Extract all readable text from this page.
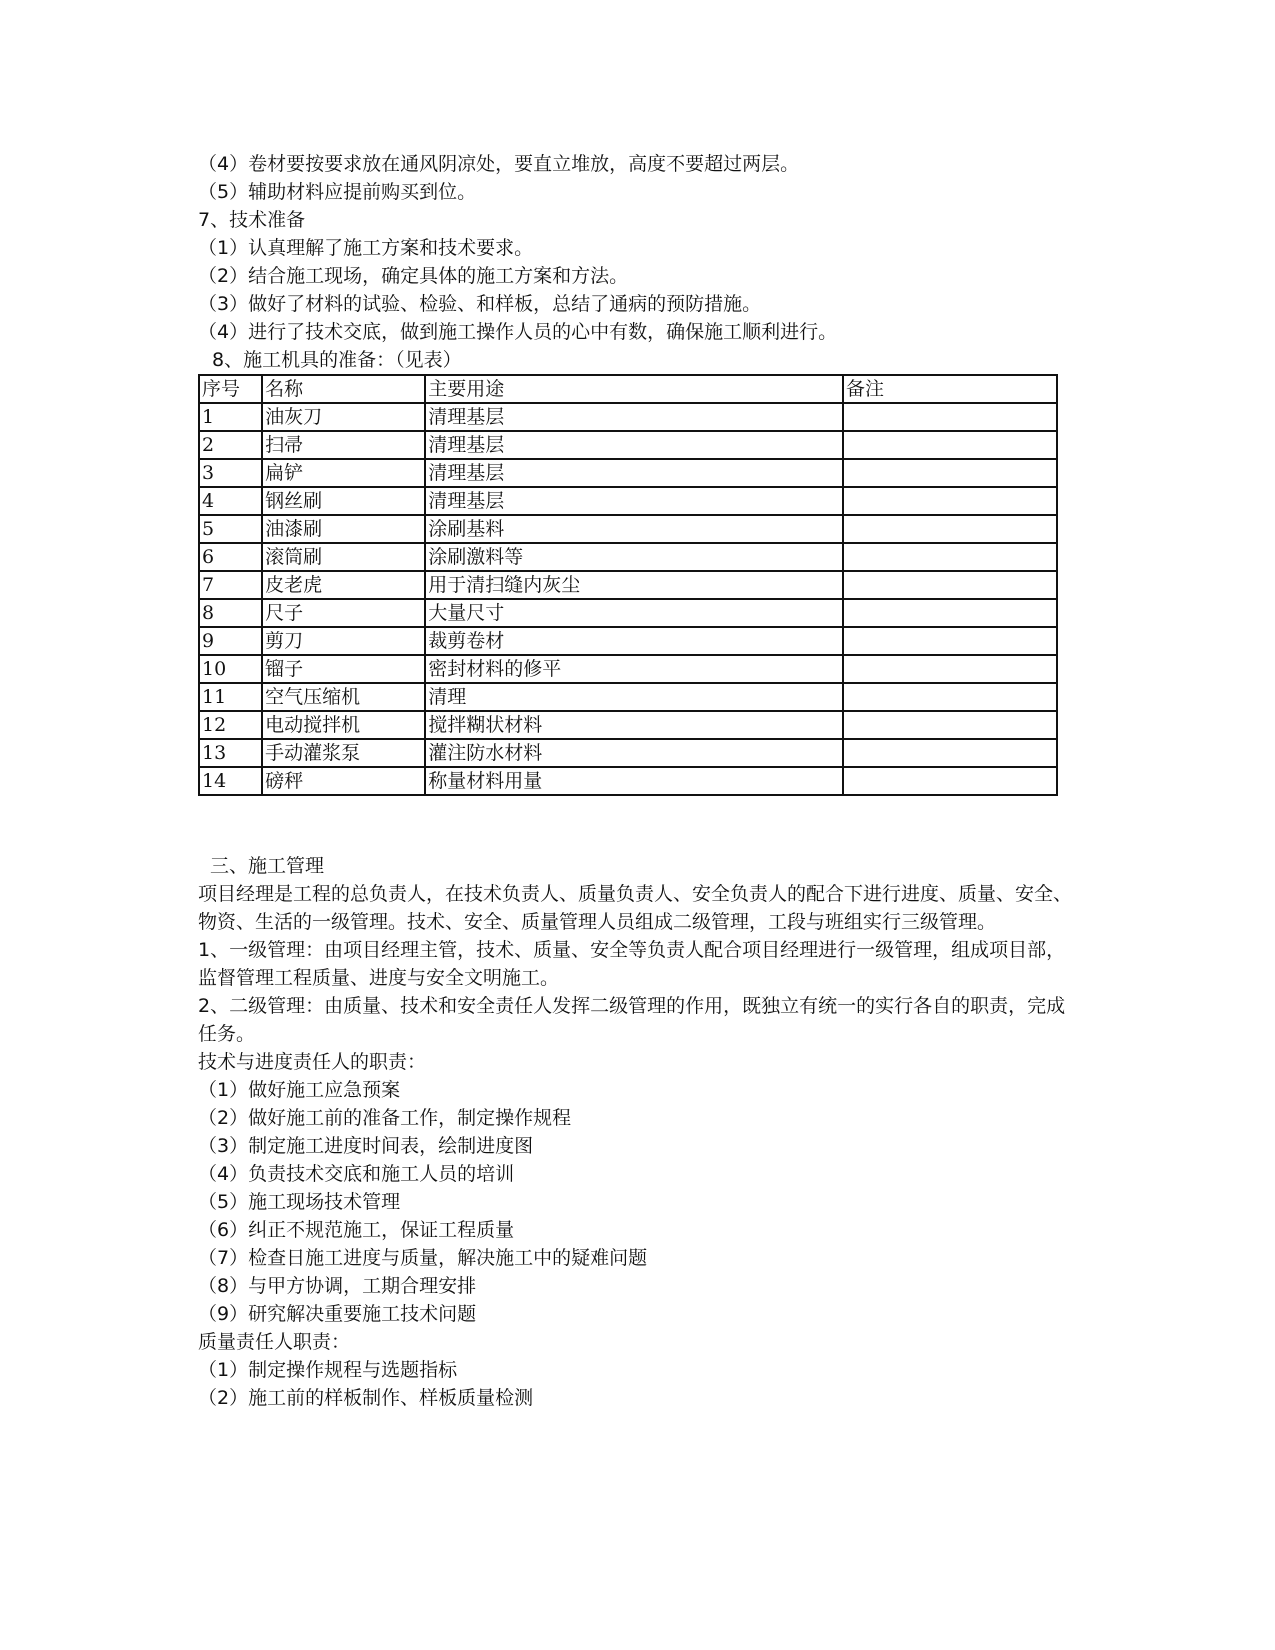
（4）卷材要按要求放在通风阴凉处，要直立堆放，高度不要超过两层。
（5）辅助材料应提前购买到位。
7、技术准备
（1）认真理解了施工方案和技术要求。
（2）结合施工现场，确定具体的施工方案和方法。
（3）做好了材料的试验、检验、和样板，总结了通病的预防措施。
（4）进行了技术交底，做到施工操作人员的心中有数，确保施工顺利进行。
8、施工机具的准备：（见表）
序号	名称	主要用途	备注
1	油灰刀	清理基层	
2	扫帚	清理基层	
3	扁铲	清理基层	
4	钢丝刷	清理基层	
5	油漆刷	涂刷基料	
6	滚筒刷	涂刷激料等	
7	皮老虎	用于清扫缝内灰尘	
8	尺子	大量尺寸	
9	剪刀	裁剪卷材	
10	镏子	密封材料的修平	
11	空气压缩机	清理	
12	电动搅拌机	搅拌糊状材料	
13	手动灌浆泵	灌注防水材料	
14	磅秤	称量材料用量	
三、施工管理
项目经理是工程的总负责人，在技术负责人、质量负责人、安全负责人的配合下进行进度、质量、安全、物资、生活的一级管理。技术、安全、质量管理人员组成二级管理，工段与班组实行三级管理。
1、一级管理：由项目经理主管，技术、质量、安全等负责人配合项目经理进行一级管理，组成项目部，监督管理工程质量、进度与安全文明施工。
2、二级管理：由质量、技术和安全责任人发挥二级管理的作用，既独立有统一的实行各自的职责，完成任务。
技术与进度责任人的职责：
（1）做好施工应急预案
（2）做好施工前的准备工作，制定操作规程
（3）制定施工进度时间表，绘制进度图
（4）负责技术交底和施工人员的培训
（5）施工现场技术管理
（6）纠正不规范施工，保证工程质量
（7）检查日施工进度与质量，解决施工中的疑难问题
（8）与甲方协调，工期合理安排
（9）研究解决重要施工技术问题
质量责任人职责：
（1）制定操作规程与选题指标
（2）施工前的样板制作、样板质量检测
